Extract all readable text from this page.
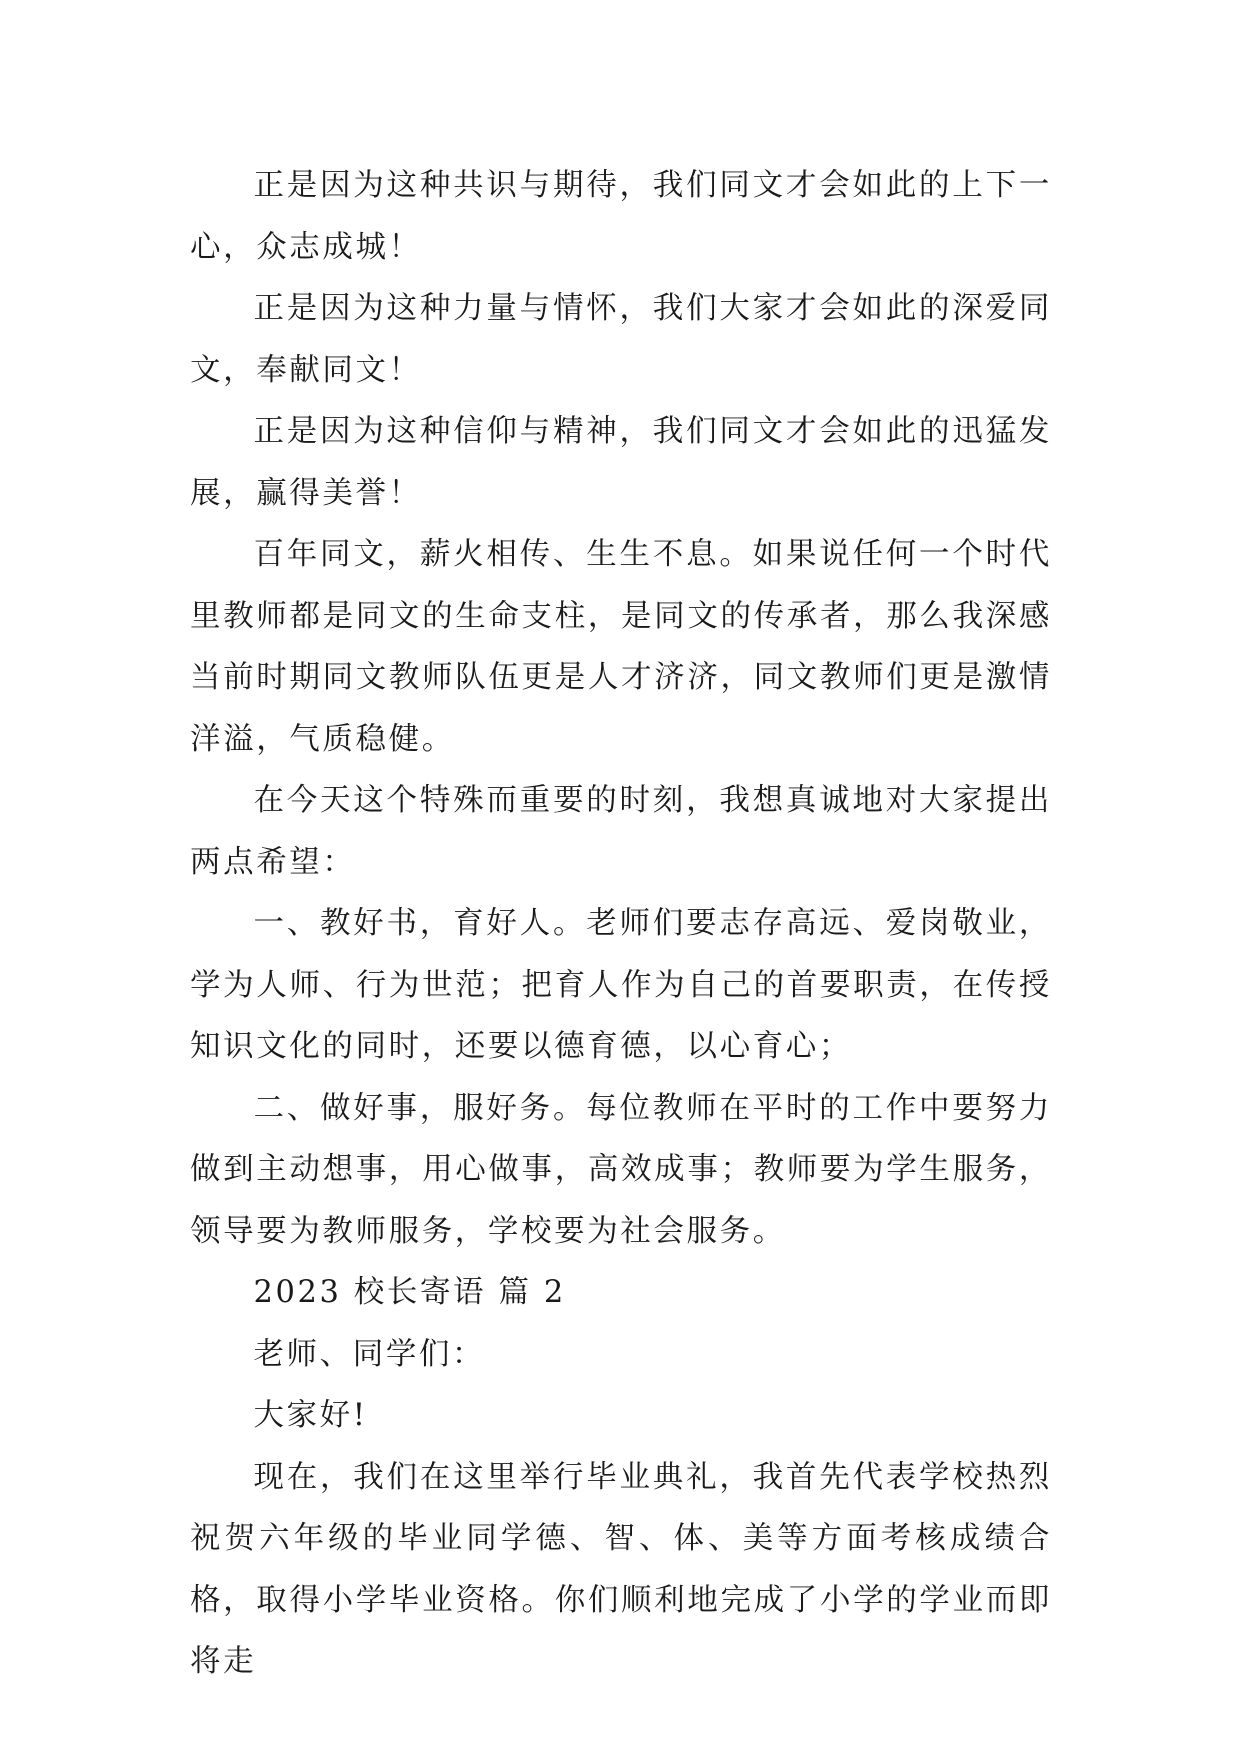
正是因为这种共识与期待，我们同文才会如此的上下一心，众志成城！

正是因为这种力量与情怀，我们大家才会如此的深爱同文，奉献同文！

正是因为这种信仰与精神，我们同文才会如此的迅猛发展，赢得美誉！

百年同文，薪火相传、生生不息。如果说任何一个时代里教师都是同文的生命支柱，是同文的传承者，那么我深感当前时期同文教师队伍更是人才济济，同文教师们更是激情洋溢，气质稳健。

在今天这个特殊而重要的时刻，我想真诚地对大家提出两点希望：

一、教好书，育好人。老师们要志存高远、爱岗敬业，学为人师、行为世范；把育人作为自己的首要职责，在传授知识文化的同时，还要以德育德，以心育心；

二、做好事，服好务。每位教师在平时的工作中要努力做到主动想事，用心做事，高效成事；教师要为学生服务，领导要为教师服务，学校要为社会服务。

2023 校长寄语 篇 2

老师、同学们：

大家好!

现在，我们在这里举行毕业典礼，我首先代表学校热烈祝贺六年级的毕业同学德、智、体、美等方面考核成绩合格，取得小学毕业资格。你们顺利地完成了小学的学业而即将走
